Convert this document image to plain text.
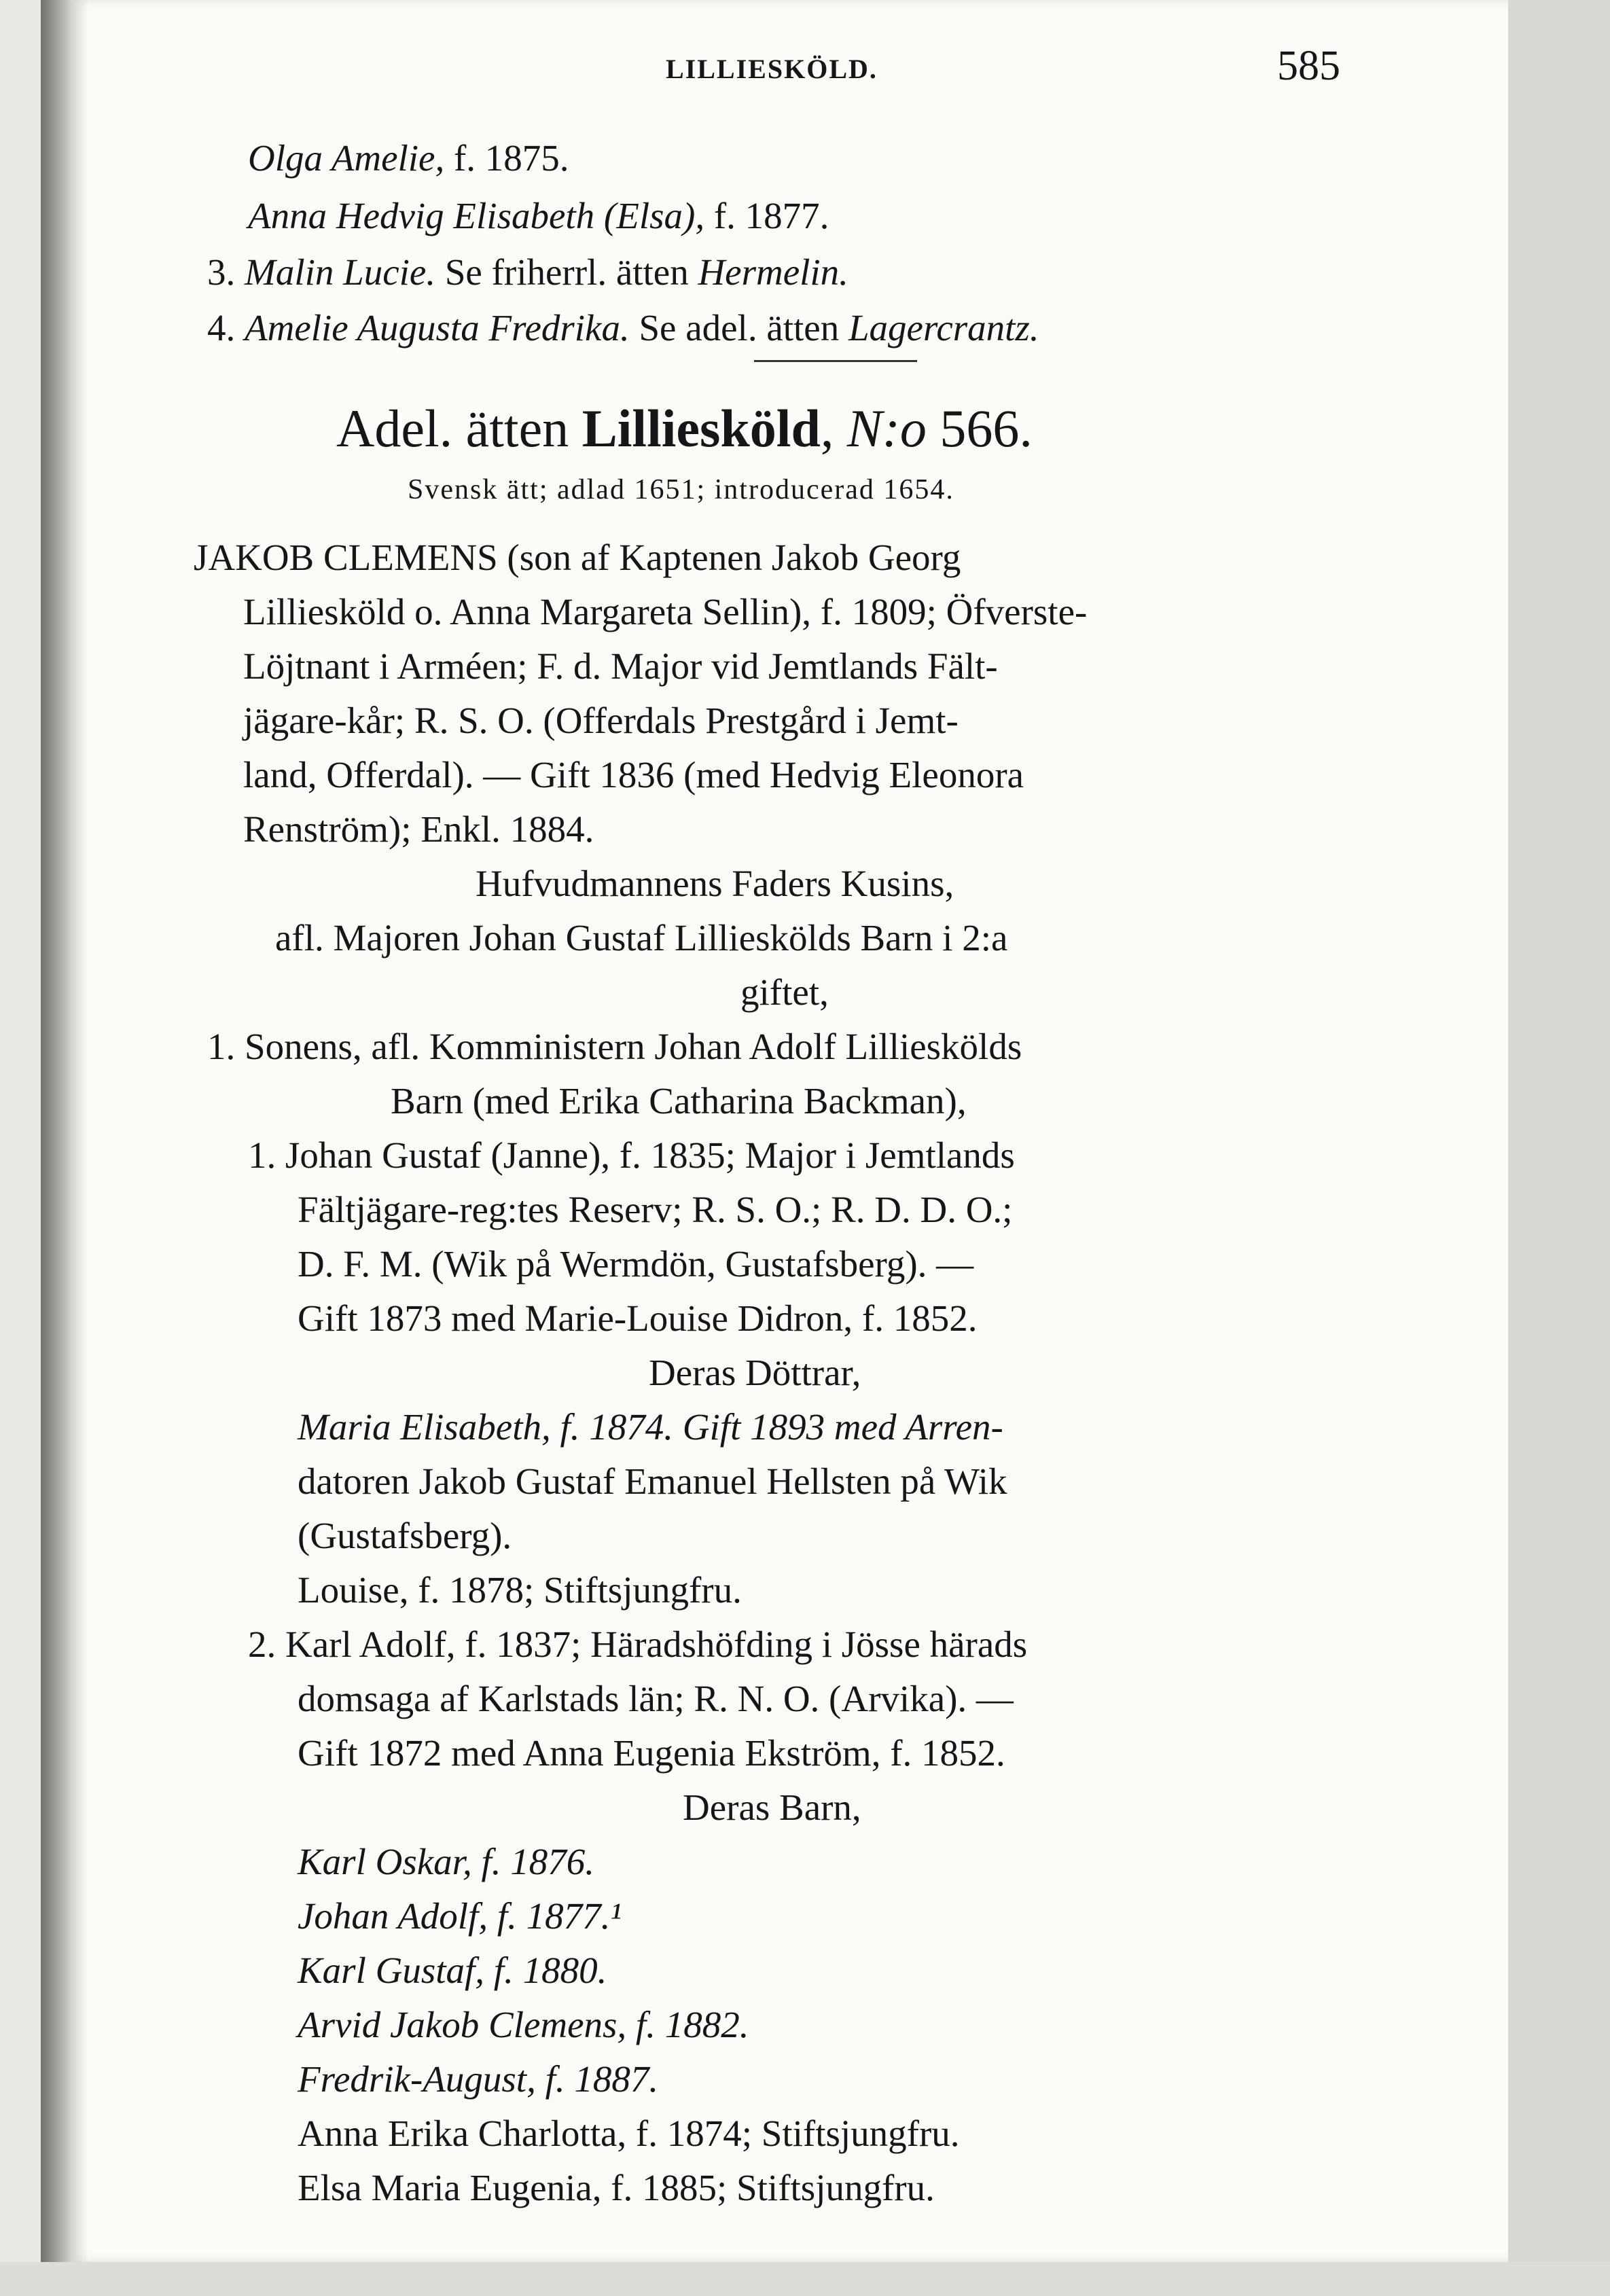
LILLIESKÖLD.	585
Olga Amelie, f. 1875.
Anna Hedvig Elisabeth (Elsa), f. 1877.
3. Malin Lucie. Se friherrl. ätten Hermelin.
4. Amelie Augusta Fredrika. Se adel. ätten Lagercrantz.
Adel. ätten Lilliesköld, N:o 566.
Svensk ätt; adlad 1651; introducerad 1654.
JAKOB CLEMENS (son af Kaptenen Jakob Georg
Lilliesköld o. Anna Margareta Sellin), f. 1809; Öfverste-
Löjtnant i Arméen; F. d. Major vid Jemtlands Fält-
jägare-kår; R. S. O. (Offerdals Prestgård i Jemt-
land, Offerdal). — Gift 1836 (med Hedvig Eleonora
Renström); Enkl. 1884.
Hufvudmannens Faders Kusins,
afl. Majoren Johan Gustaf Lillieskölds Barn i 2:a
giftet,
1. Sonens, afl. Komministern Johan Adolf Lillieskölds
Barn (med Erika Catharina Backman),
1. Johan Gustaf (Janne), f. 1835; Major i Jemtlands
Fältjägare-reg:tes Reserv; R. S. O.; R. D. D. O.;
D. F. M. (Wik på Wermdön, Gustafsberg). —
Gift 1873 med Marie-Louise Didron, f. 1852.
Deras Döttrar,
Maria Elisabeth, f. 1874. Gift 1893 med Arren-
datoren Jakob Gustaf Emanuel Hellsten på Wik
(Gustafsberg).
Louise, f. 1878; Stiftsjungfru.
2. Karl Adolf, f. 1837; Häradshöfding i Jösse härads
domsaga af Karlstads län; R. N. O. (Arvika). —
Gift 1872 med Anna Eugenia Ekström, f. 1852.
Deras Barn,
Karl Oskar, f. 1876.
Johan Adolf, f. 1877.¹
Karl Gustaf, f. 1880.
Arvid Jakob Clemens, f. 1882.
Fredrik-August, f. 1887.
Anna Erika Charlotta, f. 1874; Stiftsjungfru.
Elsa Maria Eugenia, f. 1885; Stiftsjungfru.
